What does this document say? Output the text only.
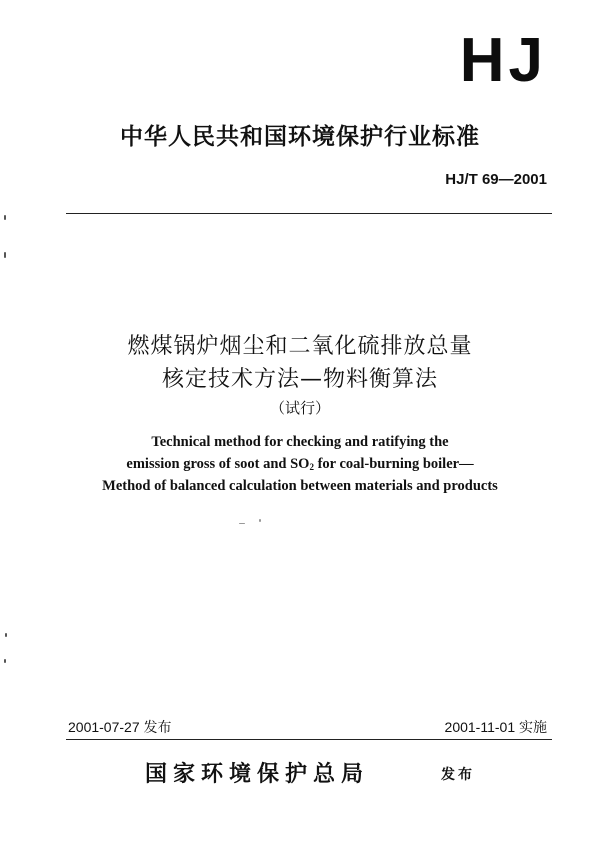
HJ
中华人民共和国环境保护行业标准
HJ/T 69—2001
燃煤锅炉烟尘和二氧化硫排放总量
核定技术方法—物料衡算法
（试行）
Technical method for checking and ratifying the
emission gross of soot and $SO_2$ for coal-burning boiler—
Method of balanced calculation between materials and products
2001-07-27 发布	2001-11-01 实施
国家环境保护总局	发布
